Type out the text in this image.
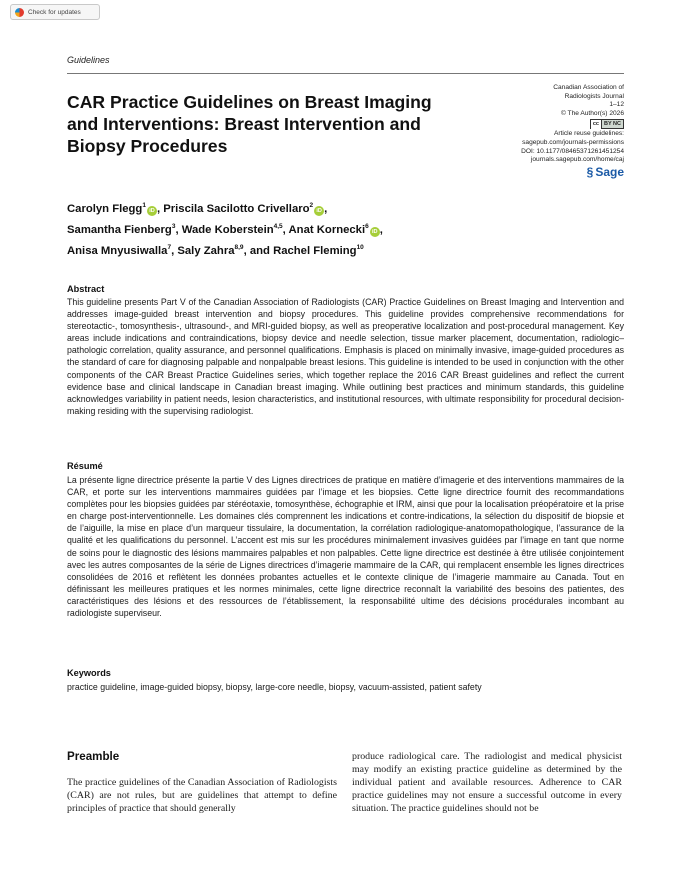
Check for updates
Guidelines
CAR Practice Guidelines on Breast Imaging and Interventions: Breast Intervention and Biopsy Procedures
Canadian Association of
Radiologists Journal
1–12
© The Author(s) 2026
cc BY NC
Article reuse guidelines:
sagepub.com/journals-permissions
DOI: 10.1177/08465371261451254
journals.sagepub.com/home/caj
§ Sage
Carolyn Flegg$^1$iD , Priscila Sacilotto Crivellaro$^2$iD ,
Samantha Fienberg$^3$, Wade Koberstein$^{4,5}$, Anat Kornecki$^6$iD ,
Anisa Mnyusiwalla$^7$, Saly Zahra$^{8,9}$, and Rachel Fleming$^{10}$
Abstract

This guideline presents Part V of the Canadian Association of Radiologists (CAR) Practice Guidelines on Breast Imaging and Intervention and addresses image-guided breast intervention and biopsy procedures. This guideline provides comprehensive recommendations for stereotactic-, tomosynthesis-, ultrasound-, and MRI-guided biopsy, as well as preoperative localization and post-procedural management. Key areas include indications and contraindications, biopsy device and needle selection, tissue marker placement, documentation, radiologic–pathologic correlation, quality assurance, and personnel qualifications. Emphasis is placed on minimally invasive, image-guided procedures as the standard of care for diagnosing palpable and nonpalpable breast lesions. This guideline is intended to be used in conjunction with the other components of the CAR Breast Practice Guidelines series, which together replace the 2016 CAR Breast guidelines and reflect the current evidence base and clinical landscape in Canadian breast imaging. While outlining best practices and minimum standards, this guideline acknowledges variability in patient needs, lesion characteristics, and institutional resources, with ultimate responsibility for procedural decision-making residing with the supervising radiologist.

Résumé

La présente ligne directrice présente la partie V des Lignes directrices de pratique en matière d’imagerie et des interventions mammaires de la CAR, et porte sur les interventions mammaires guidées par l’image et les biopsies. Cette ligne directrice fournit des recommandations complètes pour les biopsies guidées par stéréotaxie, tomosynthèse, échographie et IRM, ainsi que pour la localisation préopératoire et la prise en charge post-interventionnelle. Les domaines clés comprennent les indications et contre-indications, la sélection du dispositif de biopsie et de l’aiguille, la mise en place d’un marqueur tissulaire, la documentation, la corrélation radiologique-anatomopathologique, l’assurance de la qualité et les qualifications du personnel. L’accent est mis sur les procédures minimalement invasives guidées par l’image en tant que norme de soins pour le diagnostic des lésions mammaires palpables et non palpables. Cette ligne directrice est destinée à être utilisée conjointement avec les autres composantes de la série de Lignes directrices d’imagerie mammaire de la CAR, qui remplacent ensemble les lignes directrices consolidées de 2016 et reflètent les données probantes actuelles et le contexte clinique de l’imagerie mammaire au Canada. Tout en définissant les meilleures pratiques et les normes minimales, cette ligne directrice reconnaît la variabilité des besoins des patientes, des caractéristiques des lésions et des ressources de l’établissement, la responsabilité ultime des décisions procédurales incombant au radiologiste superviseur.

Keywords

practice guideline, image-guided biopsy, biopsy, large-core needle, biopsy, vacuum-assisted, patient safety

Preamble

The practice guidelines of the Canadian Association of Radiologists (CAR) are not rules, but are guidelines that attempt to define principles of practice that should generally

produce radiological care. The radiologist and medical physicist may modify an existing practice guideline as determined by the individual patient and available resources. Adherence to CAR practice guidelines may not ensure a successful outcome in every situation. The practice guidelines should not be
